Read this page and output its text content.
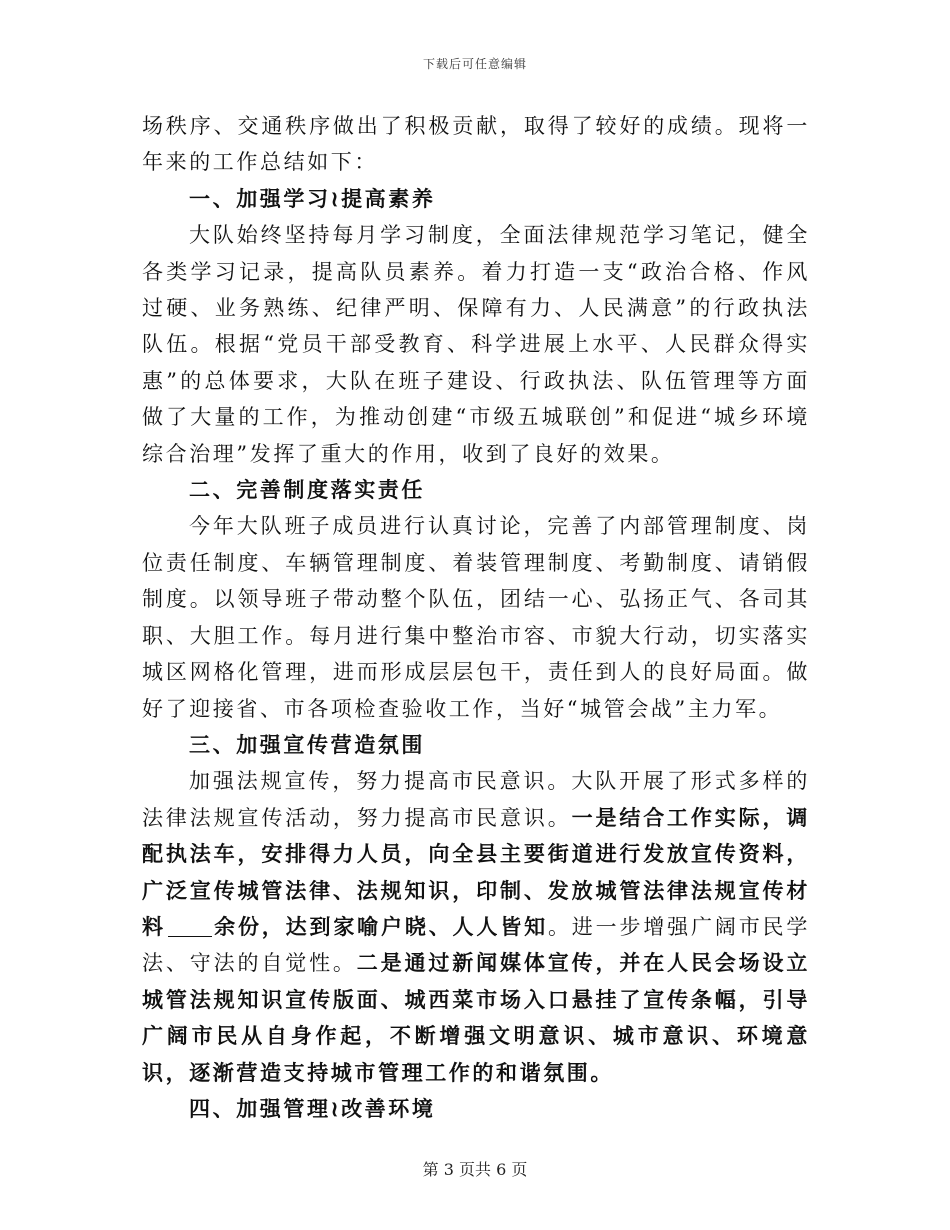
下载后可任意编辑

场秩序、交通秩序做出了积极贡献，取得了较好的成绩。现将一年来的工作总结如下：

一、加强学习≀提高素养

大队始终坚持每月学习制度，全面法律规范学习笔记，健全各类学习记录，提高队员素养。着力打造一支“政治合格、作风过硬、业务熟练、纪律严明、保障有力、人民满意”的行政执法队伍。根据“党员干部受教育、科学进展上水平、人民群众得实惠”的总体要求，大队在班子建设、行政执法、队伍管理等方面做了大量的工作，为推动创建“市级五城联创”和促进“城乡环境综合治理”发挥了重大的作用，收到了良好的效果。

二、完善制度落实责任

今年大队班子成员进行认真讨论，完善了内部管理制度、岗位责任制度、车辆管理制度、着装管理制度、考勤制度、请销假制度。以领导班子带动整个队伍，团结一心、弘扬正气、各司其职、大胆工作。每月进行集中整治市容、市貌大行动，切实落实城区网格化管理，进而形成层层包干，责任到人的良好局面。做好了迎接省、市各项检查验收工作，当好“城管会战”主力军。

三、加强宣传营造氛围

加强法规宣传，努力提高市民意识。大队开展了形式多样的法律法规宣传活动，努力提高市民意识。一是结合工作实际，调配执法车，安排得力人员，向全县主要街道进行发放宣传资料，广泛宣传城管法律、法规知识，印制、发放城管法律法规宣传材料 余份，达到家喻户晓、人人皆知。进一步增强广阔市民学法、守法的自觉性。二是通过新闻媒体宣传，并在人民会场设立城管法规知识宣传版面、城西菜市场入口悬挂了宣传条幅，引导广阔市民从自身作起，不断增强文明意识、城市意识、环境意识，逐渐营造支持城市管理工作的和谐氛围。

四、加强管理≀改善环境

第 3 页共 6 页
